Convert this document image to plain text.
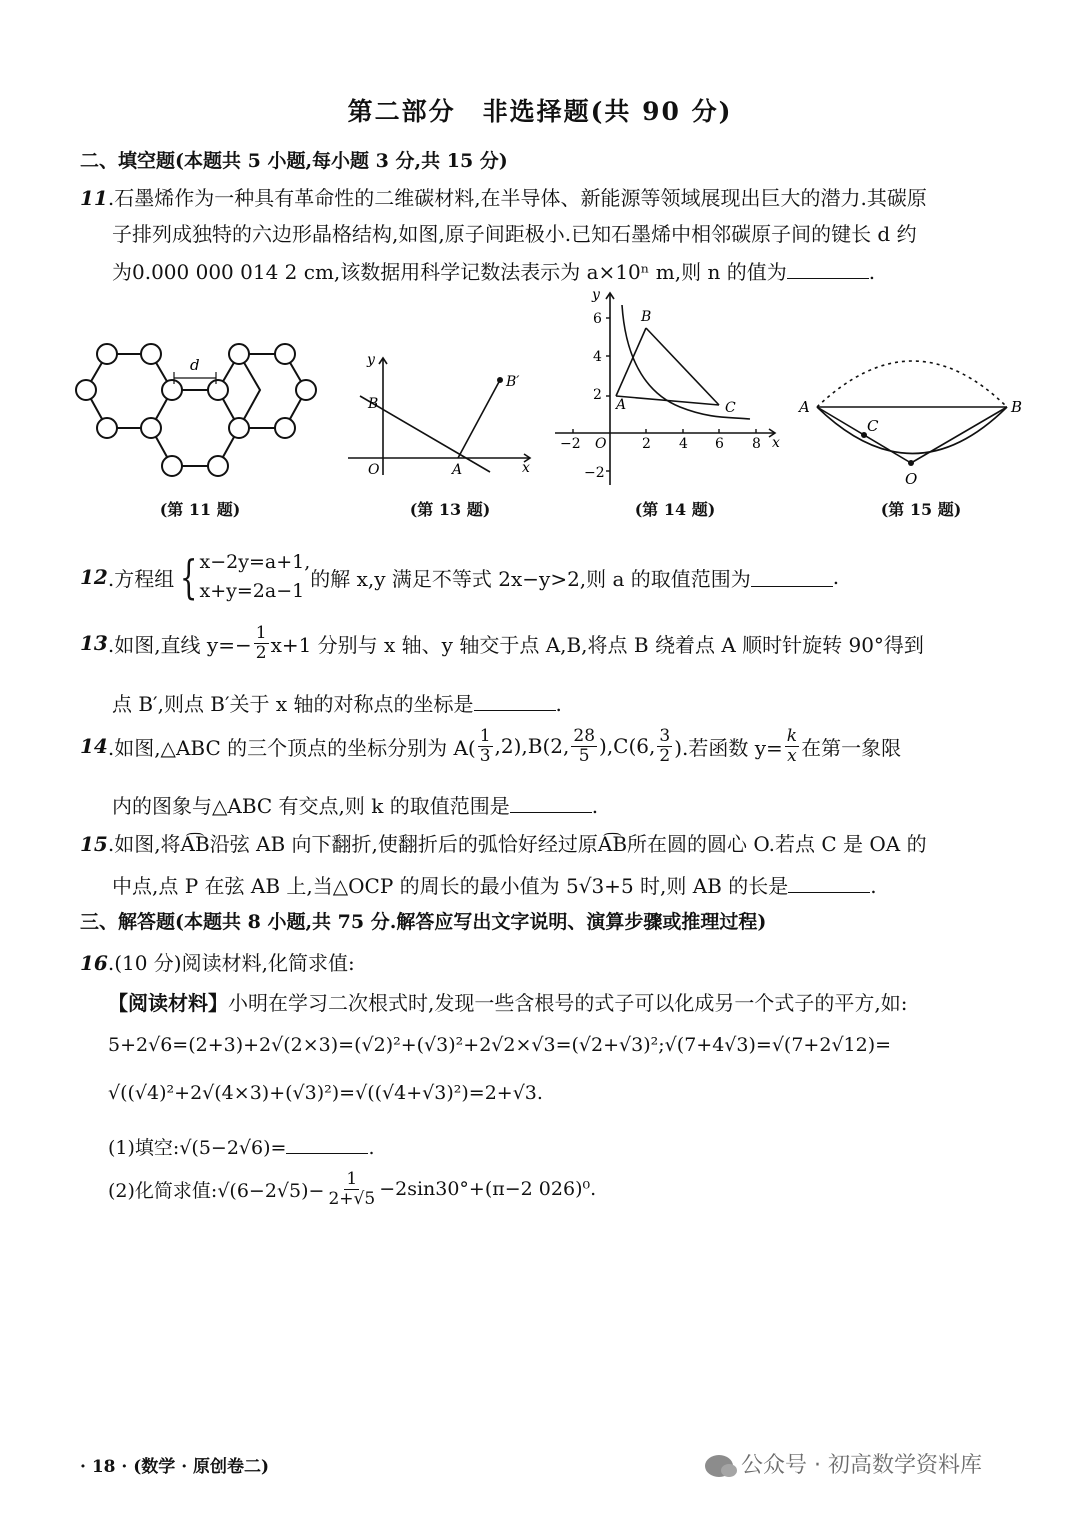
第二部分　非选择题(共 90 分)
二、填空题(本题共 5 小题,每小题 3 分,共 15 分)
11.石墨烯作为一种具有革命性的二维碳材料,在半导体、新能源等领域展现出巨大的潜力.其碳原
子排列成独特的六边形晶格结构,如图,原子间距极小.已知石墨烯中相邻碳原子间的键长 d 约
为0.000 000 014 2 cm,该数据用科学记数法表示为 a×10ⁿ m,则 n 的值为	.
d
(第 11 题)
y
x
O
B
A
B′
(第 13 题)
y
x
O
6
4
2
−2
−2	2 4 6 8
B
A	C
(第 14 题)
A	B
C
O
(第 15 题)
12 .方程组 { x−2y=a+1,
x+y=2a−1
的解 x,y 满足不等式 2x−y>2,则 a 的取值范围为	.
13 .如图,直线 $y=- \frac{1}{2} x+1$ 分别与 x 轴、y 轴交于点 A,B,将点 B 绕着点 A 顺时针旋转 90°得到
点 B′,则点 B′关于 x 轴的对称点的坐标是	.
14 .如图,△ABC 的三个顶点的坐标分别为 $A( \frac{1}{3} ,2),B(2$, $\frac{28}{5} ),C(6$, $\frac{3}{2}$ ).若函数 $y= \frac{k}{x}$ 在第一象限
内的图象与△ABC 有交点,则 k 的取值范围是	.
15.如图,将A͡B沿弦 AB 向下翻折,使翻折后的弧恰好经过原A͡B所在圆的圆心 O.若点 C 是 OA 的
中点,点 P 在弦 AB 上,当△OCP 的周长的最小值为 5√3+5 时,则 AB 的长是	.
三、解答题(本题共 8 小题,共 75 分.解答应写出文字说明、演算步骤或推理过程)
16.(10 分)阅读材料,化简求值:
【阅读材料】小明在学习二次根式时,发现一些含根号的式子可以化成另一个式子的平方,如:
5+2√6=(2+3)+2√(2×3)=(√2)²+(√3)²+2√2×√3=(√2+√3)²;√(7+4√3)=√(7+2√12)=
√((√4)²+2√(4×3)+(√3)²)=√((√4+√3)²)=2+√3.
(1)填空:√(5−2√6)=	.
(2)化简求值:√(6−2√5)− $\frac{1}{2+√5} -2\sin 30^\circ+(\pi-2$ 026)⁰.
· 18 · (数学 · 原创卷二)	公众号 · 初高数学资料库
